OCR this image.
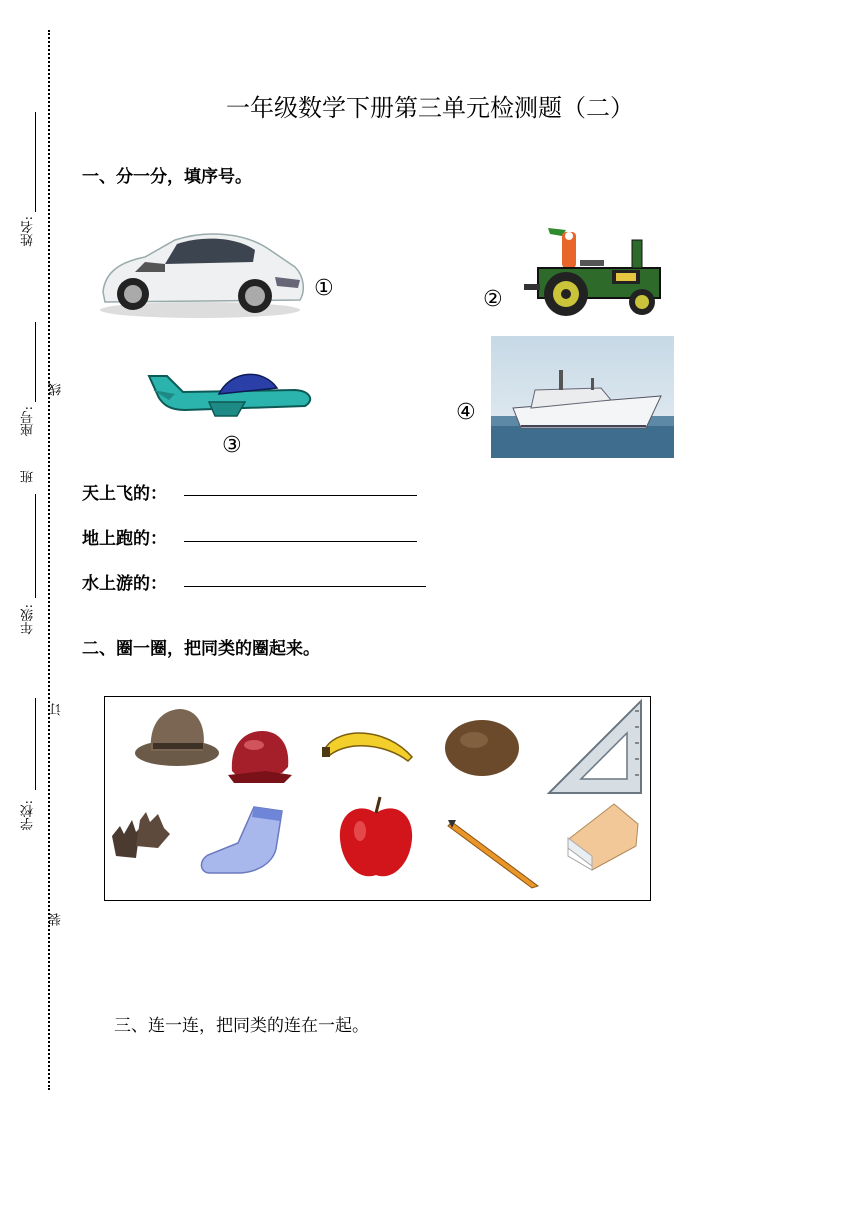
姓名:
座号:
班
年级:
学校:
线
订
装
一年级数学下册第三单元检测题（二）
一、分一分，填序号。
①	②
③
④
天上飞的：
地上跑的：
水上游的：
二、圈一圈，把同类的圈起来。
三、连一连，把同类的连在一起。
